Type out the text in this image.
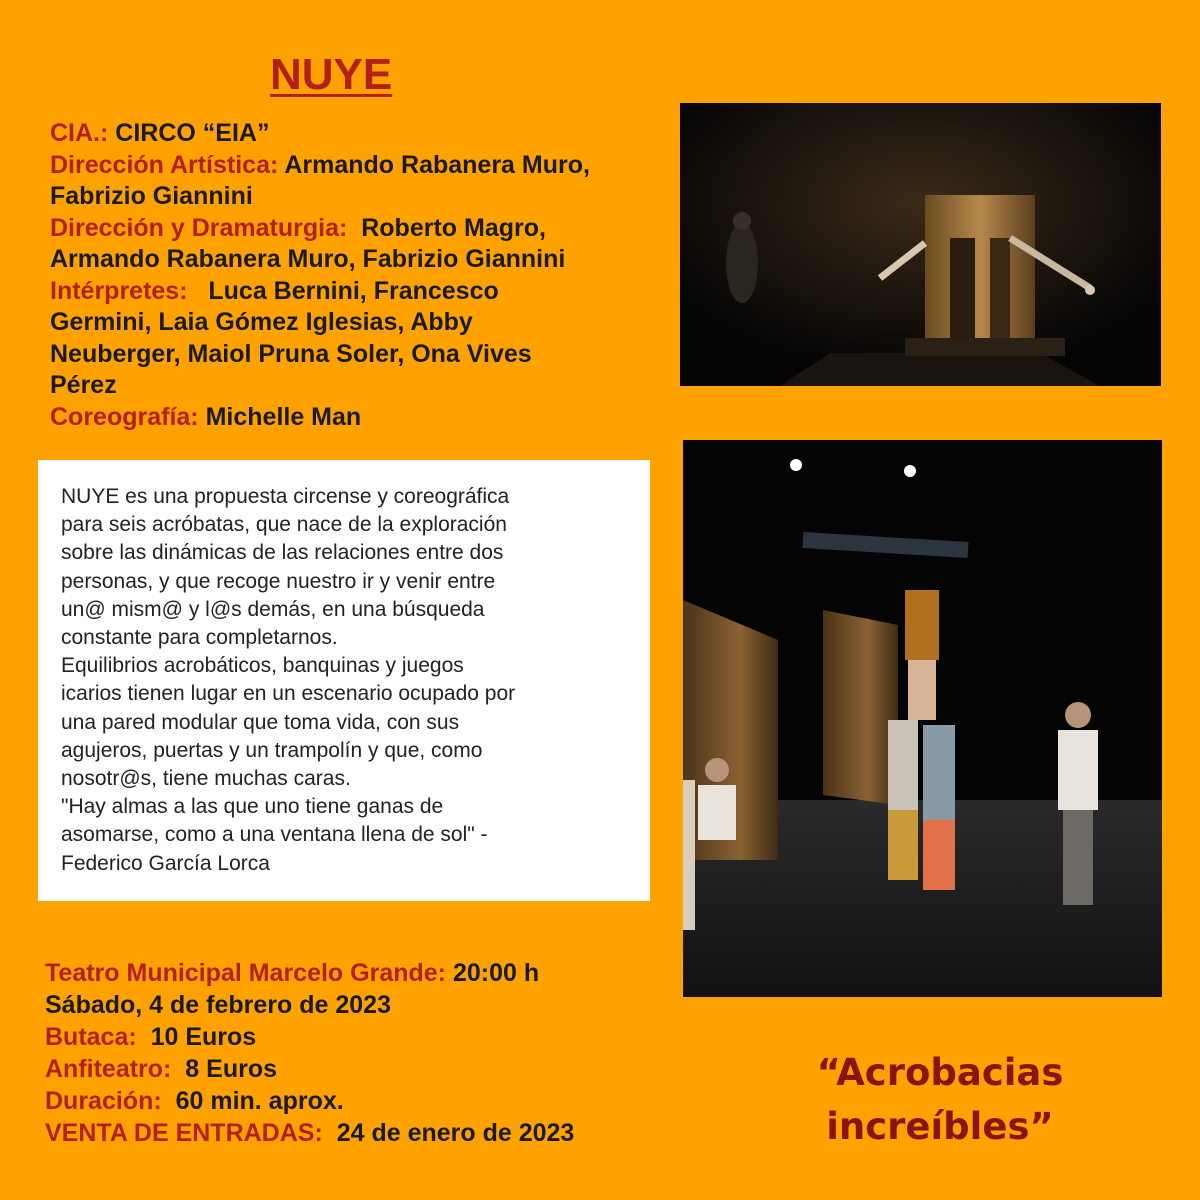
NUYE

CIA.: CIRCO “EIA”

Dirección Artística: Armando Rabanera Muro,

Fabrizio Giannini

Dirección y Dramaturgia: Roberto Magro,

Armando Rabanera Muro, Fabrizio Giannini

Intérpretes: Luca Bernini, Francesco

Germini, Laia Gómez Iglesias, Abby

Neuberger, Maiol Pruna Soler, Ona Vives

Pérez

Coreografía: Michelle Man

NUYE es una propuesta circense y coreográfica
para seis acróbatas, que nace de la exploración
sobre las dinámicas de las relaciones entre dos
personas, y que recoge nuestro ir y venir entre
un@ mism@ y l@s demás, en una búsqueda
constante para completarnos.
Equilibrios acrobáticos, banquinas y juegos
icarios tienen lugar en un escenario ocupado por
una pared modular que toma vida, con sus
agujeros, puertas y un trampolín y que, como
nosotr@s, tiene muchas caras.
"Hay almas a las que uno tiene ganas de
asomarse, como a una ventana llena de sol" -
Federico García Lorca

Teatro Municipal Marcelo Grande: 20:00 h

Sábado, 4 de febrero de 2023

Butaca: 10 Euros

Anfiteatro: 8 Euros

Duración: 60 min. aprox.

VENTA DE ENTRADAS: 24 de enero de 2023

“Acrobacias
increíbles”
